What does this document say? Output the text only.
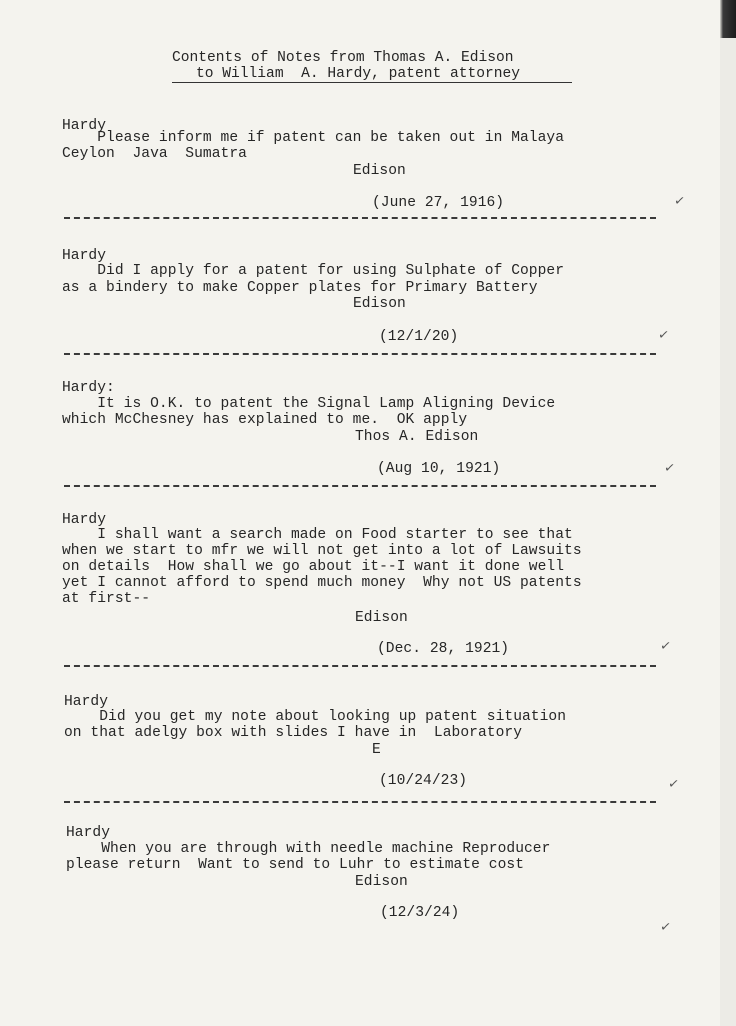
Contents of Notes from Thomas A. Edison
to William  A. Hardy, patent attorney
Hardy
Please inform me if patent can be taken out in Malaya
Ceylon  Java  Sumatra
Edison
(June 27, 1916)	✓
Hardy
Did I apply for a patent for using Sulphate of Copper
as a bindery to make Copper plates for Primary Battery
Edison
(12/1/20)	✓
Hardy:
It is O.K. to patent the Signal Lamp Aligning Device
which McChesney has explained to me.  OK apply
Thos A. Edison
(Aug 10, 1921)	✓
Hardy
I shall want a search made on Food starter to see that
when we start to mfr we will not get into a lot of Lawsuits
on details  How shall we go about it--I want it done well
yet I cannot afford to spend much money  Why not US patents
at first--
Edison
(Dec. 28, 1921)	✓
Hardy
Did you get my note about looking up patent situation
on that adelgy box with slides I have in  Laboratory
E
(10/24/23)	✓
Hardy
When you are through with needle machine Reproducer
please return  Want to send to Luhr to estimate cost
Edison
(12/3/24)
✓
